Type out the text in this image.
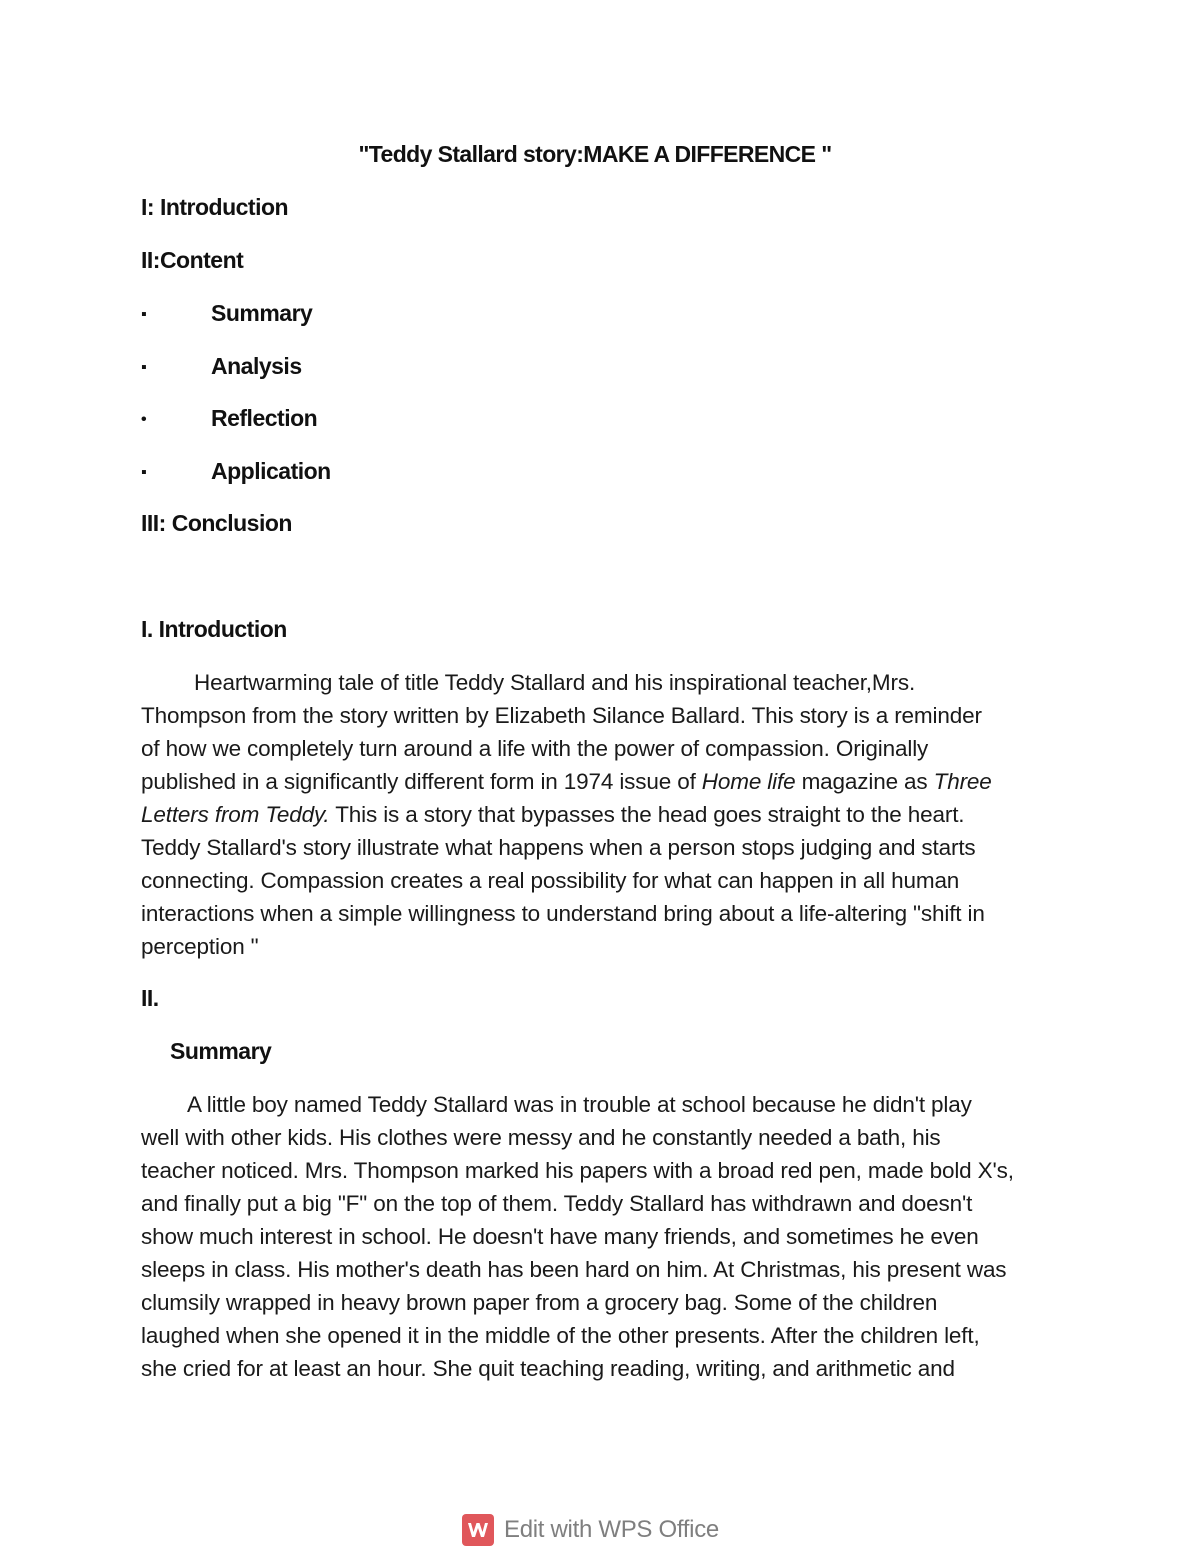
"Teddy Stallard story:MAKE A DIFFERENCE "
I: Introduction
II:Content
▪	Summary
▪	Analysis
•	Reflection
▪	Application
III: Conclusion
I. Introduction
Heartwarming tale of title Teddy Stallard and his inspirational teacher,Mrs.
Thompson from the story written by Elizabeth Silance Ballard. This story is a reminder
of how we completely turn around a life with the power of compassion. Originally
published in a significantly different form in 1974 issue of Home life magazine as Three
Letters from Teddy. This is a story that bypasses the head goes straight to the heart.
Teddy Stallard's story illustrate what happens when a person stops judging and starts
connecting. Compassion creates a real possibility for what can happen in all human
interactions when a simple willingness to understand bring about a life-altering "shift in
perception "
II.
Summary
A little boy named Teddy Stallard was in trouble at school because he didn't play
well with other kids. His clothes were messy and he constantly needed a bath, his
teacher noticed. Mrs. Thompson marked his papers with a broad red pen, made bold X's,
and finally put a big "F" on the top of them. Teddy Stallard has withdrawn and doesn't
show much interest in school. He doesn't have many friends, and sometimes he even
sleeps in class. His mother's death has been hard on him. At Christmas, his present was
clumsily wrapped in heavy brown paper from a grocery bag. Some of the children
laughed when she opened it in the middle of the other presents. After the children left,
she cried for at least an hour. She quit teaching reading, writing, and arithmetic and
Edit with WPS Office
